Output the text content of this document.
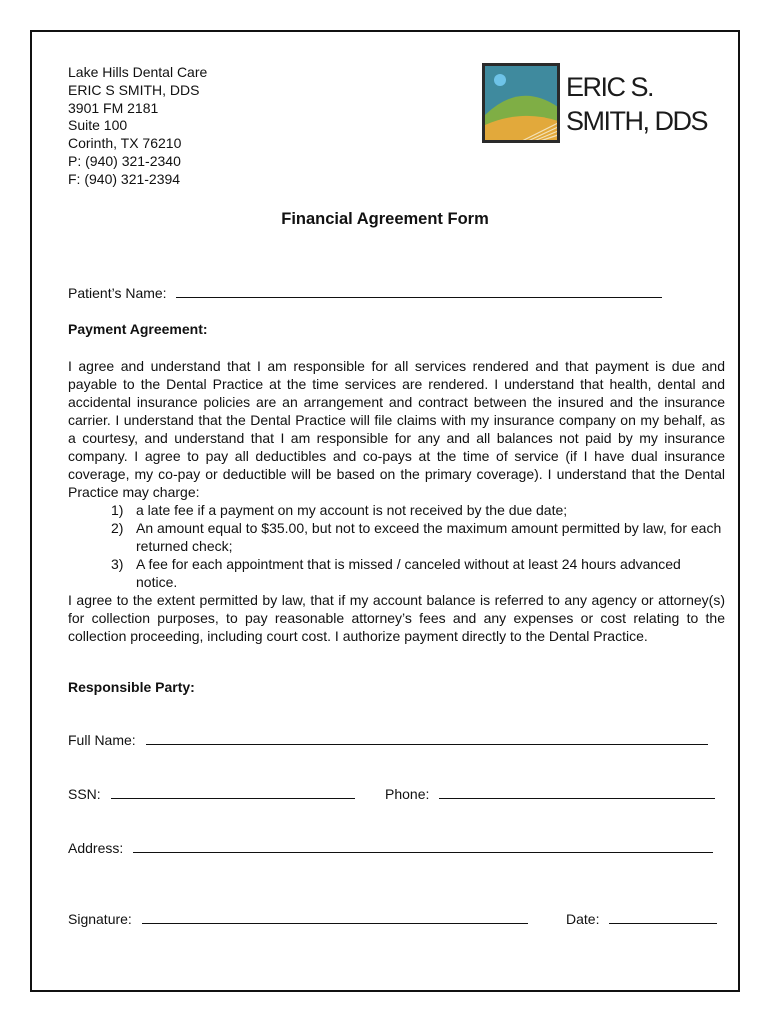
Lake Hills Dental Care
ERIC S SMITH, DDS
3901 FM 2181
Suite 100
Corinth, TX 76210
P: (940) 321-2340
F: (940) 321-2394
ERIC S.
SMITH, DDS
Financial Agreement Form
Patient’s Name:
Payment Agreement:

I agree and understand that I am responsible for all services rendered and that payment is due and payable to the Dental Practice at the time services are rendered. I understand that health, dental and accidental insurance policies are an arrangement and contract between the insured and the insurance carrier. I understand that the Dental Practice will file claims with my insurance company on my behalf, as a courtesy, and understand that I am responsible for any and all balances not paid by my insurance company. I agree to pay all deductibles and co-pays at the time of service (if I have dual insurance coverage, my co-pay or deductible will be based on the primary coverage). I understand that the Dental Practice may charge:

1) a late fee if a payment on my account is not received by the due date;
2) An amount equal to $35.00, but not to exceed the maximum amount permitted by law, for each returned check;
3) A fee for each appointment that is missed / canceled without at least 24 hours advanced notice.

I agree to the extent permitted by law, that if my account balance is referred to any agency or attorney(s) for collection purposes, to pay reasonable attorney’s fees and any expenses or cost relating to the collection proceeding, including court cost. I authorize payment directly to the Dental Practice.

Responsible Party:
Full Name:
SSN:	Phone:
Address:
Signature:	Date:
